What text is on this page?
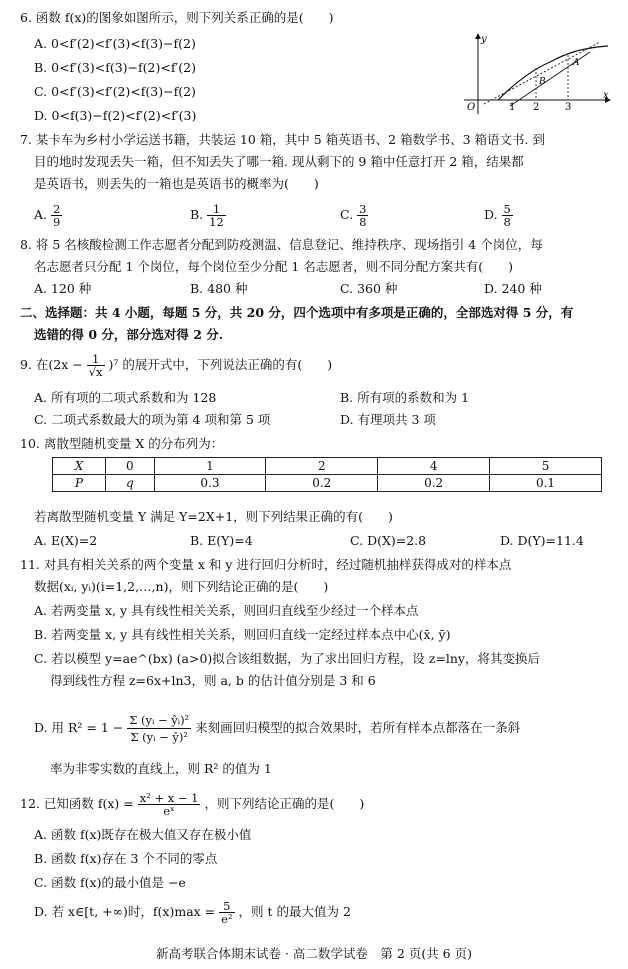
6. 函数 f(x)的图象如图所示，则下列关系正确的是(　　)
A. 0<f′(2)<f′(3)<f(3)−f(2)
B. 0<f′(3)<f(3)−f(2)<f′(2)
C. 0<f′(3)<f′(2)<f(3)−f(2)
D. 0<f(3)−f(2)<f′(2)<f′(3)
y
x
O	1 2	3
A
B
7. 某卡车为乡村小学运送书籍，共装运 10 箱，其中 5 箱英语书、2 箱数学书、3 箱语文书. 到
目的地时发现丢失一箱，但不知丢失了哪一箱. 现从剩下的 9 箱中任意打开 2 箱，结果都
是英语书，则丢失的一箱也是英语书的概率为(　　)
A. $\frac{2}{9}$	B. $\frac{1}{12}$	C. $\frac{3}{8}$	D. $\frac{5}{8}$
8. 将 5 名核酸检测工作志愿者分配到防疫测温、信息登记、维持秩序、现场指引 4 个岗位，每
名志愿者只分配 1 个岗位，每个岗位至少分配 1 名志愿者，则不同分配方案共有(　　)
A. 120 种	B. 480 种	C. 360 种	D. 240 种
二、选择题：共 4 小题，每题 5 分，共 20 分，四个选项中有多项是正确的，全部选对得 5 分，有
选错的得 0 分，部分选对得 2 分.
9. 在$(2x - \frac{1}{√x} )^7$ 的展开式中，下列说法正确的有(　　)
A. 所有项的二项式系数和为 128	B. 所有项的系数和为 1
C. 二项式系数最大的项为第 4 项和第 5 项	D. 有理项共 3 项
10. 离散型随机变量 X 的分布列为：
X	0	1	2	4	5
P	q	0.3	0.2	0.2	0.1
若离散型随机变量 Y 满足 Y=2X+1，则下列结果正确的有(　　)
A. E(X)=2	B. E(Y)=4	C. D(X)=2.8	D. D(Y)=11.4
11. 对具有相关关系的两个变量 x 和 y 进行回归分析时，经过随机抽样获得成对的样本点
数据(xᵢ, yᵢ)(i=1,2,…,n)，则下列结论正确的是(　　)
A. 若两变量 x, y 具有线性相关关系，则回归直线至少经过一个样本点
B. 若两变量 x, y 具有线性相关关系，则回归直线一定经过样本点中心(x̄, ȳ)
C. 若以模型 y=ae^(bx) (a>0)拟合该组数据，为了求出回归方程，设 z=lny，将其变换后
得到线性方程 z=6x+ln3，则 a, b 的估计值分别是 3 和 6
D. 用 $R^2 = 1 - \frac{\text{Σ (yᵢ − ŷᵢ)²}}{\text{Σ (yᵢ − ȳ)²}}$ 来刻画回归模型的拟合效果时，若所有样本点都落在一条斜
率为非零实数的直线上，则 R² 的值为 1
12. 已知函数 $f(x) = \frac{\text{x² + x − 1}}{\text{eˣ}}$ ，则下列结论正确的是(　　)
A. 函数 f(x)既存在极大值又存在极小值
B. 函数 f(x)存在 3 个不同的零点
C. 函数 f(x)的最小值是 −e
D. 若 x∈[t, +∞)时，$f(x)\max = \frac{5}{\text{e²}}$ ，则 t 的最大值为 2
新高考联合体期末试卷 · 高二数学试卷　第 2 页(共 6 页)
